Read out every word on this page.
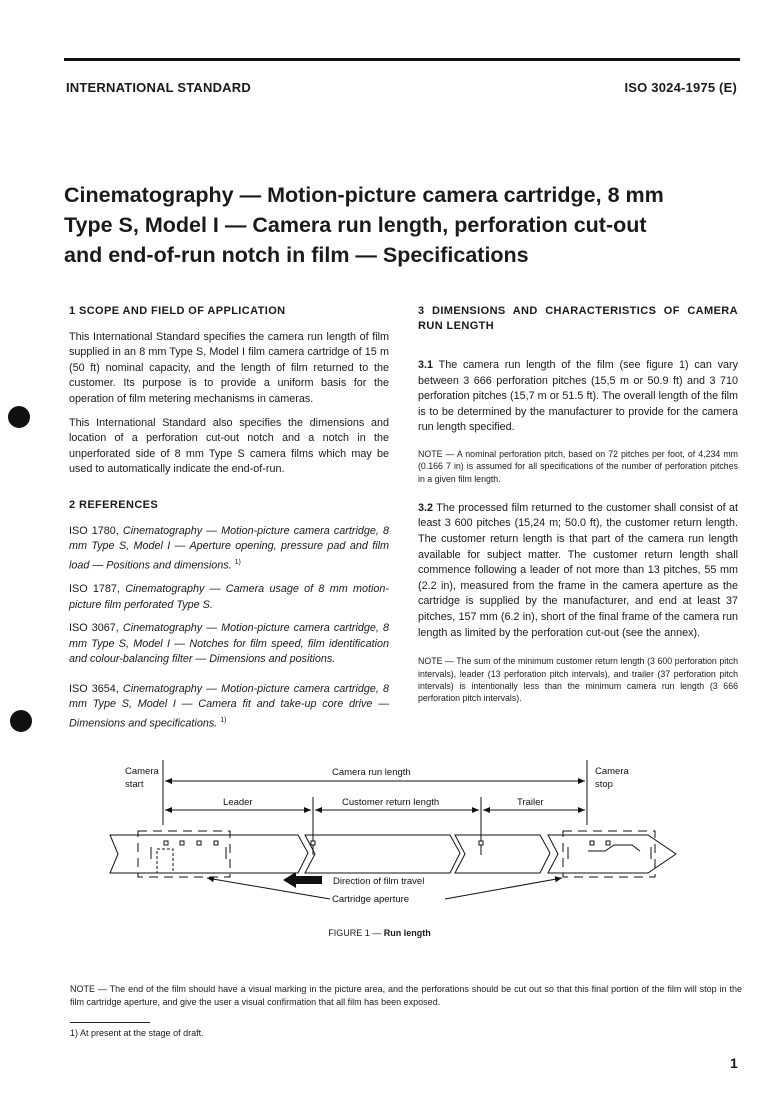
INTERNATIONAL STANDARD	ISO 3024-1975 (E)
Cinematography — Motion-picture camera cartridge, 8 mm
Type S, Model I — Camera run length, perforation cut-out
and end-of-run notch in film — Specifications
1 SCOPE AND FIELD OF APPLICATION

This International Standard specifies the camera run length of film supplied in an 8 mm Type S, Model I film camera cartridge of 15 m (50 ft) nominal capacity, and the length of film returned to the customer. Its purpose is to provide a uniform basis for the operation of film metering mechanisms in cameras.

This International Standard also specifies the dimensions and location of a perforation cut-out notch and a notch in the unperforated side of 8 mm Type S camera films which may be used to automatically indicate the end-of-run.

2 REFERENCES

ISO 1780, Cinematography — Motion-picture camera cartridge, 8 mm Type S, Model I — Aperture opening, pressure pad and film load — Positions and dimensions. $^{1)}$

ISO 1787, Cinematography — Camera usage of 8 mm motion-picture film perforated Type S.

ISO 3067, Cinematography — Motion-picture camera cartridge, 8 mm Type S, Model I — Notches for film speed, film identification and colour-balancing filter — Dimensions and positions.

ISO 3654, Cinematography — Motion-picture camera cartridge, 8 mm Type S, Model I — Camera fit and take-up core drive — Dimensions and specifications. $^{1)}$

3 DIMENSIONS AND CHARACTERISTICS OF CAMERA RUN LENGTH

3.1 The camera run length of the film (see figure 1) can vary between 3 666 perforation pitches (15,5 m or 50.9 ft) and 3 710 perforation pitches (15,7 m or 51.5 ft). The overall length of the film is to be determined by the manufacturer to provide for the camera run length specified.

NOTE — A nominal perforation pitch, based on 72 pitches per foot, of 4,234 mm (0.166 7 in) is assumed for all specifications of the number of perforation pitches in a given film length.

3.2 The processed film returned to the customer shall consist of at least 3 600 pitches (15,24 m; 50.0 ft), the customer return length. The customer return length is that part of the camera run length available for subject matter. The customer return length shall commence following a leader of not more than 13 pitches, 55 mm (2.2 in), measured from the frame in the camera aperture as the cartridge is supplied by the manufacturer, and end at least 37 pitches, 157 mm (6.2 in), short of the final frame of the camera run length as limited by the perforation cut-out (see the annex).

NOTE — The sum of the minimum customer return length (3 600 perforation pitch intervals), leader (13 perforation pitch intervals), and trailer (37 perforation pitch intervals) is intentionally less than the minimum camera run length (3 666 perforation pitch intervals).

Camera
start
Camera
stop
Camera run length
Leader	Customer return length	Trailer
Direction of film travel
Cartridge aperture
FIGURE 1 — Run length
NOTE — The end of the film should have a visual marking in the picture area, and the perforations should be cut out so that this final portion of the film will stop in the film cartridge aperture, and give the user a visual confirmation that all film has been exposed.
1) At present at the stage of draft.
1
